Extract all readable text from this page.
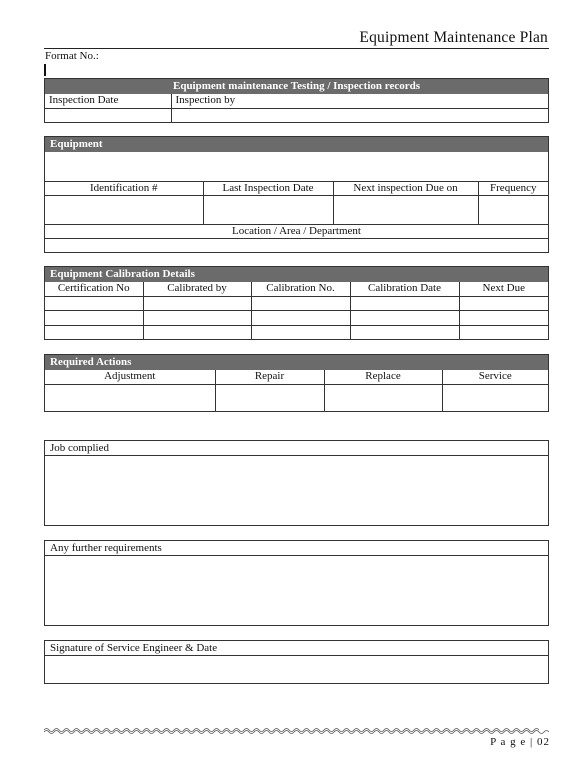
Equipment Maintenance Plan
Format No.:
Equipment maintenance Testing / Inspection records
Inspection Date	Inspection by

Equipment

Identification #	Last Inspection Date	Next inspection Due on	Frequency

Location / Area / Department			

Equipment Calibration Details
Certification No	Calibrated by	Calibration No.	Calibration Date	Next Due

Required Actions
Adjustment	Repair	Replace	Service

Job complied
Any further requirements
Signature of Service Engineer & Date
P a g e | 02
